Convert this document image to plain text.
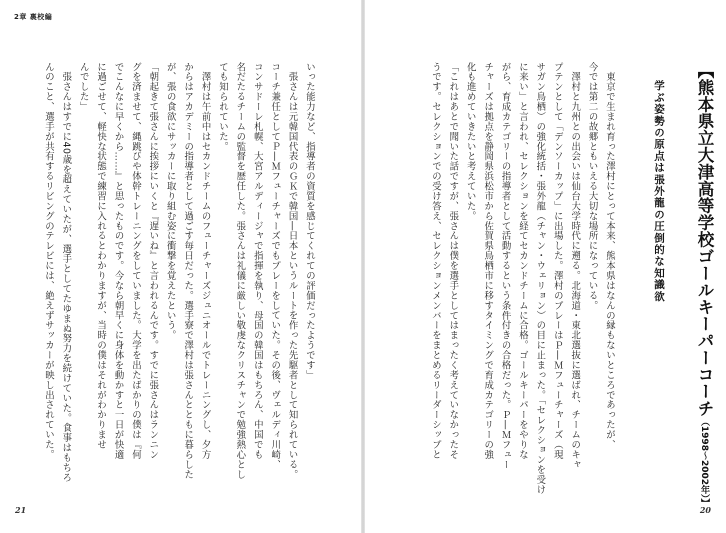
2章 裏校編
いった能力など、指導者の資質を感じてくれての評価だったようです」
　張さんは元韓国代表のＧＫで韓国―日本というルートを作った先駆者として知られている。
コーチ兼任としてＰ―Ｍフューチャーズでもプレーをしていた。その後、ヴェルディ川崎、
コンサドーレ札幌、大宮アルディージャで指揮を執り、母国の韓国はもちろん、中国でも
名だたるチームの監督を歴任した。張さんは礼儀に厳しい敬虔なクリスチャンで勉強熱心とし
ても知られていた。
　澤村は午前中はセカンドチームのフューチャーズジュニオールでトレーニングし、夕方
からはアカデミーの指導者として過ごす毎日だった。選手寮で澤村は張さんとともに暮らした
が、張の食欲にサッカーに取り組む姿に衝撃を覚えたという。
「朝起きて張さんに挨拶にいくと『遅いね』と言われるんです。すでに張さんはランニン
グを済ませて、縄跳びや体幹トレーニングをしていました。大学を出たばかりの僕は『何
でこんなに早くから……』と思ったものです。今なら朝早くに身体を動かすと一日が快適
に過ごせて、軽快な状態で練習に入れるとわかりますが、当時の僕はそれがわかりませ
んでした」
　張さんはすでに40歳を超えていたが、選手としてたゆまぬ努力を続けていた。食事はもちろ
んのこと、選手が共有するリビングのテレビには、絶えずサッカーが映し出されていた。
21
【熊本県立大津高等学校ゴールキーパーコーチ（1998〜2002年）】
学ぶ姿勢の原点は張外龍の圧倒的な知識欲
　東京で生まれ育った澤村にとって本来、熊本県はなんの縁もないところであったが、
今では第二の故郷ともいえる大切な場所になっている。
　澤村と九州との出会いは仙台大学時代に遡る。北海道・東北選抜に選ばれ、チームのキャ
プテンとして「デンソーカップ」に出場した。澤村のプレーはＰ―Ｍフューチャーズ（現
サガン鳥栖）の強化統括・張外龍（チャン・ウェリョン）の目に止まった。「セレクションを受け
に来い」と言われ、セレクションを経てセカンドチームに合格。ゴールキーパーをやりな
がら、育成カテゴリーの指導者として活動するという条件付きの合格だった。Ｐ―Ｍフュー
チャーズは拠点を静岡県浜松市から佐賀県鳥栖市に移すタイミングで育成カテゴリーの強
化も進めていきたいと考えていた。
「これはあとで聞いた話ですが、張さんは僕を選手としてはまったく考えていなかったそ
うです。セレクションでの受け答え、セレクションメンバーをまとめるリーダーシップと
20
